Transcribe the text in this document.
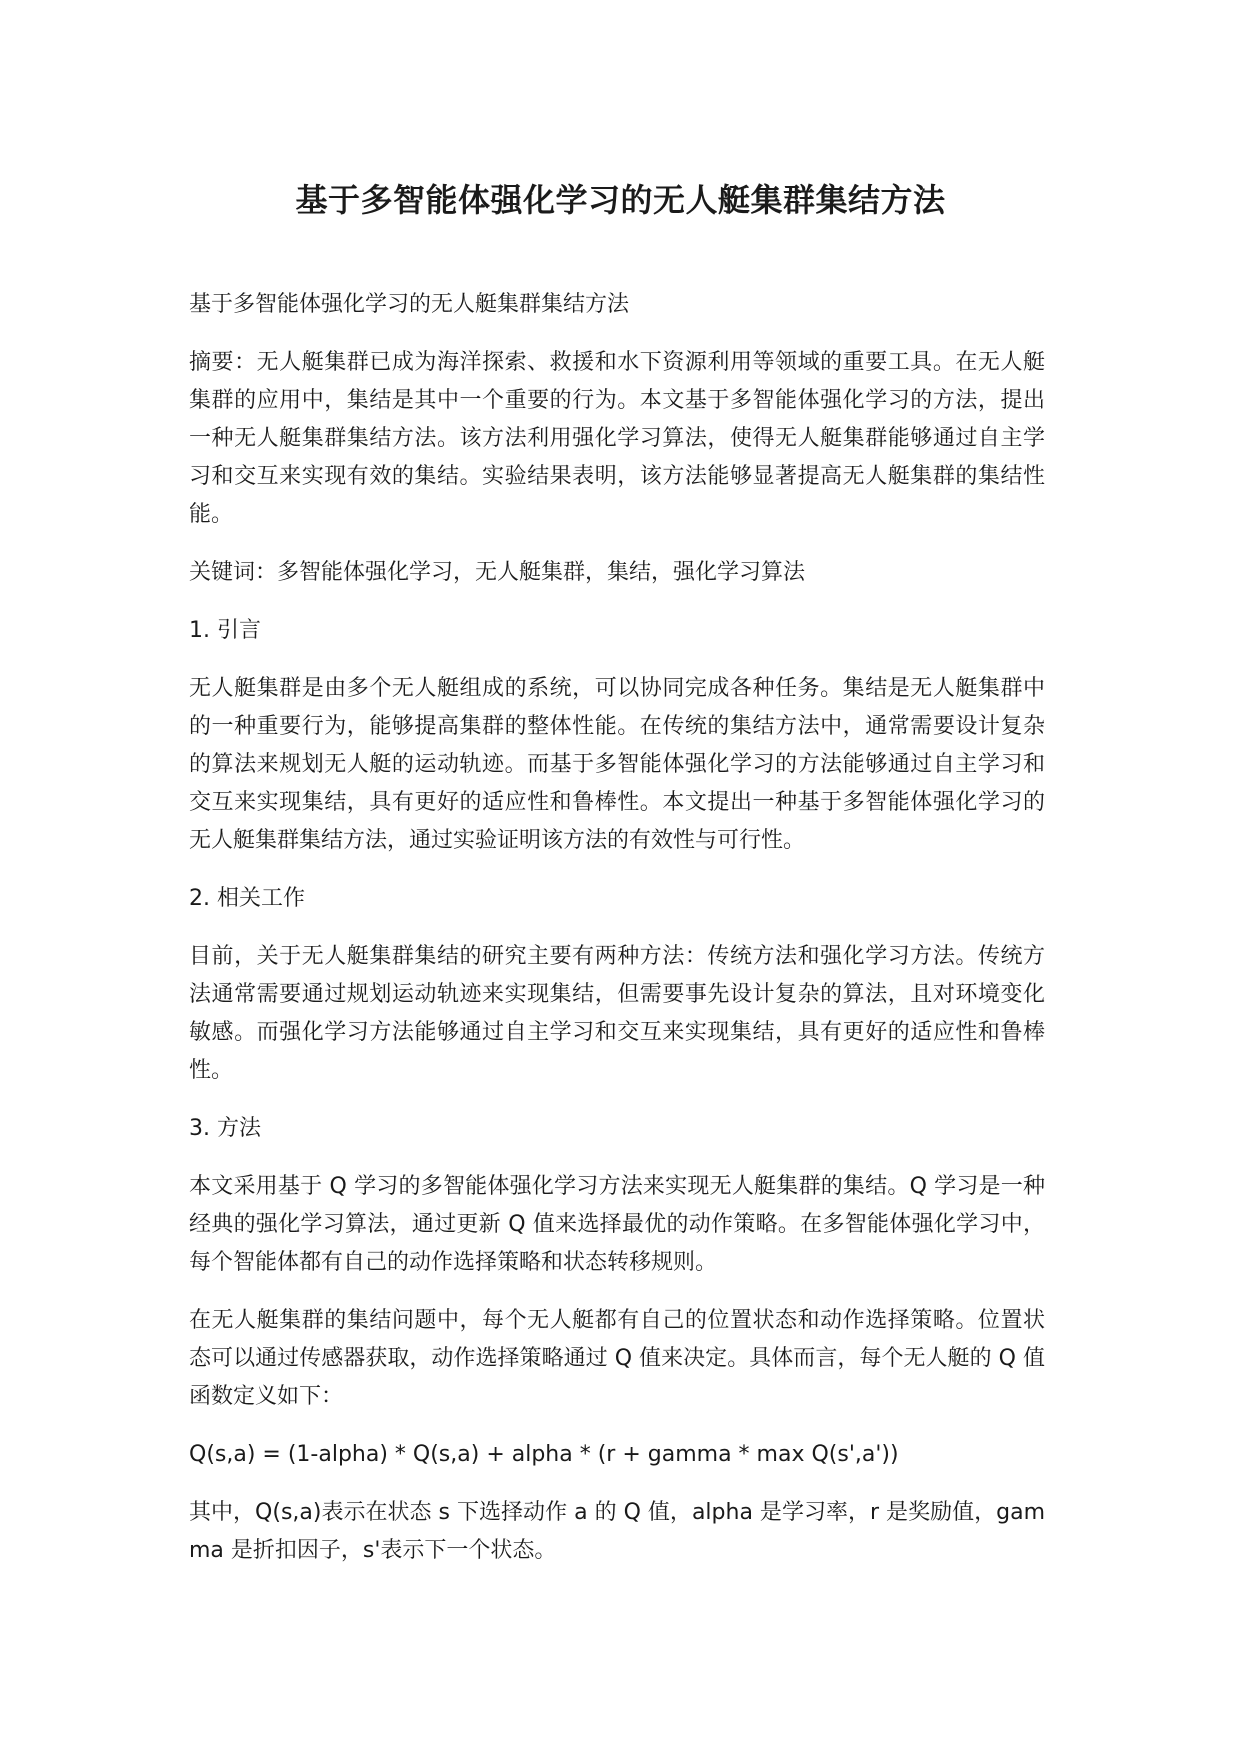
基于多智能体强化学习的无人艇集群集结方法

基于多智能体强化学习的无人艇集群集结方法

摘要：无人艇集群已成为海洋探索、救援和水下资源利用等领域的重要工具。在无人艇集群的应用中，集结是其中一个重要的行为。本文基于多智能体强化学习的方法，提出一种无人艇集群集结方法。该方法利用强化学习算法，使得无人艇集群能够通过自主学习和交互来实现有效的集结。实验结果表明，该方法能够显著提高无人艇集群的集结性能。

关键词：多智能体强化学习，无人艇集群，集结，强化学习算法

1. 引言

无人艇集群是由多个无人艇组成的系统，可以协同完成各种任务。集结是无人艇集群中的一种重要行为，能够提高集群的整体性能。在传统的集结方法中，通常需要设计复杂的算法来规划无人艇的运动轨迹。而基于多智能体强化学习的方法能够通过自主学习和交互来实现集结，具有更好的适应性和鲁棒性。本文提出一种基于多智能体强化学习的无人艇集群集结方法，通过实验证明该方法的有效性与可行性。

2. 相关工作

目前，关于无人艇集群集结的研究主要有两种方法：传统方法和强化学习方法。传统方法通常需要通过规划运动轨迹来实现集结，但需要事先设计复杂的算法，且对环境变化敏感。而强化学习方法能够通过自主学习和交互来实现集结，具有更好的适应性和鲁棒性。

3. 方法

本文采用基于 Q 学习的多智能体强化学习方法来实现无人艇集群的集结。Q 学习是一种经典的强化学习算法，通过更新 Q 值来选择最优的动作策略。在多智能体强化学习中，每个智能体都有自己的动作选择策略和状态转移规则。

在无人艇集群的集结问题中，每个无人艇都有自己的位置状态和动作选择策略。位置状态可以通过传感器获取，动作选择策略通过 Q 值来决定。具体而言，每个无人艇的 Q 值函数定义如下：

Q(s,a) = (1-alpha) * Q(s,a) + alpha * (r + gamma * max Q(s',a'))

其中，Q(s,a)表示在状态 s 下选择动作 a 的 Q 值，alpha 是学习率，r 是奖励值，gamma 是折扣因子，s'表示下一个状态。
